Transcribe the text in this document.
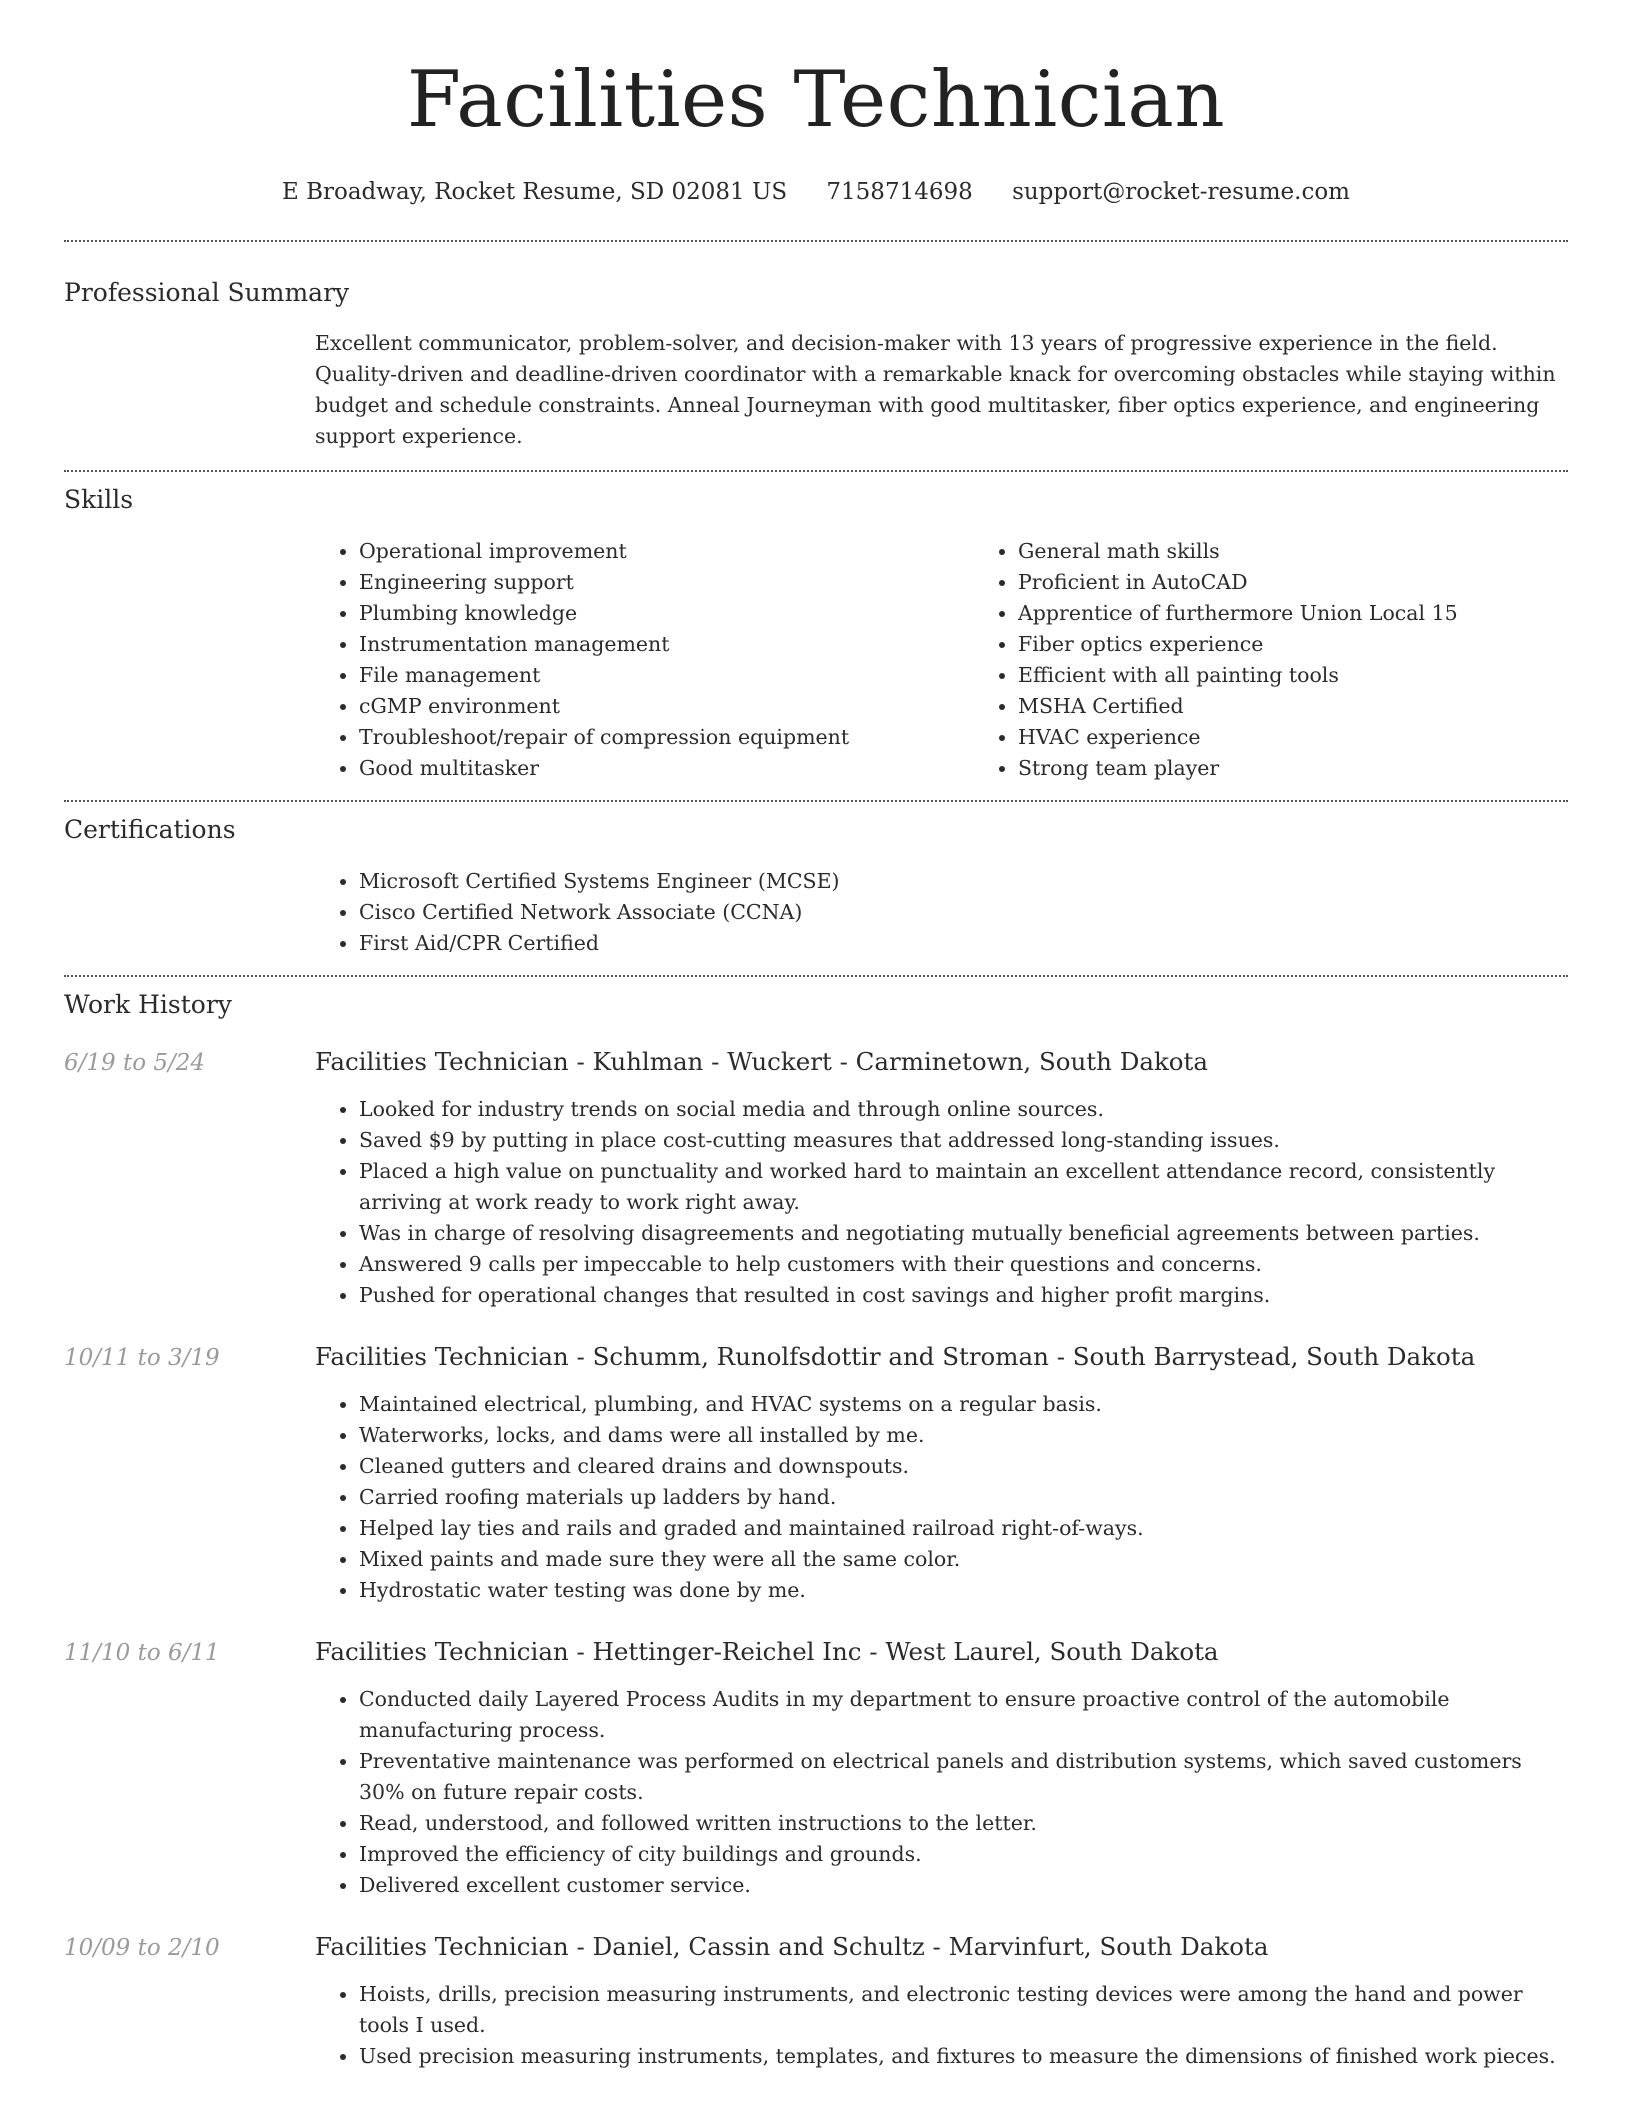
Facilities Technician
E Broadway, Rocket Resume, SD 02081 US 7158714698 support@rocket-resume.com
Professional Summary
Excellent communicator, problem-solver, and decision-maker with 13 years of progressive experience in the field. Quality-driven and deadline-driven coordinator with a remarkable knack for overcoming obstacles while staying within budget and schedule constraints. Anneal Journeyman with good multitasker, fiber optics experience, and engineering support experience.
Skills
• Operational improvement
• Engineering support
• Plumbing knowledge
• Instrumentation management
• File management
• cGMP environment
• Troubleshoot/repair of compression equipment
• Good multitasker
• General math skills
• Proficient in AutoCAD
• Apprentice of furthermore Union Local 15
• Fiber optics experience
• Efficient with all painting tools
• MSHA Certified
• HVAC experience
• Strong team player
Certifications
• Microsoft Certified Systems Engineer (MCSE)
• Cisco Certified Network Associate (CCNA)
• First Aid/CPR Certified
Work History
6/19 to 5/24	Facilities Technician - Kuhlman - Wuckert - Carminetown, South Dakota
• Looked for industry trends on social media and through online sources.
• Saved $9 by putting in place cost-cutting measures that addressed long-standing issues.
• Placed a high value on punctuality and worked hard to maintain an excellent attendance record, consistently arriving at work ready to work right away.
• Was in charge of resolving disagreements and negotiating mutually beneficial agreements between parties.
• Answered 9 calls per impeccable to help customers with their questions and concerns.
• Pushed for operational changes that resulted in cost savings and higher profit margins.
10/11 to 3/19	Facilities Technician - Schumm, Runolfsdottir and Stroman - South Barrystead, South Dakota
• Maintained electrical, plumbing, and HVAC systems on a regular basis.
• Waterworks, locks, and dams were all installed by me.
• Cleaned gutters and cleared drains and downspouts.
• Carried roofing materials up ladders by hand.
• Helped lay ties and rails and graded and maintained railroad right-of-ways.
• Mixed paints and made sure they were all the same color.
• Hydrostatic water testing was done by me.
11/10 to 6/11	Facilities Technician - Hettinger-Reichel Inc - West Laurel, South Dakota
• Conducted daily Layered Process Audits in my department to ensure proactive control of the automobile manufacturing process.
• Preventative maintenance was performed on electrical panels and distribution systems, which saved customers 30% on future repair costs.
• Read, understood, and followed written instructions to the letter.
• Improved the efficiency of city buildings and grounds.
• Delivered excellent customer service.
10/09 to 2/10	Facilities Technician - Daniel, Cassin and Schultz - Marvinfurt, South Dakota
• Hoists, drills, precision measuring instruments, and electronic testing devices were among the hand and power tools I used.
• Used precision measuring instruments, templates, and fixtures to measure the dimensions of finished work pieces.
